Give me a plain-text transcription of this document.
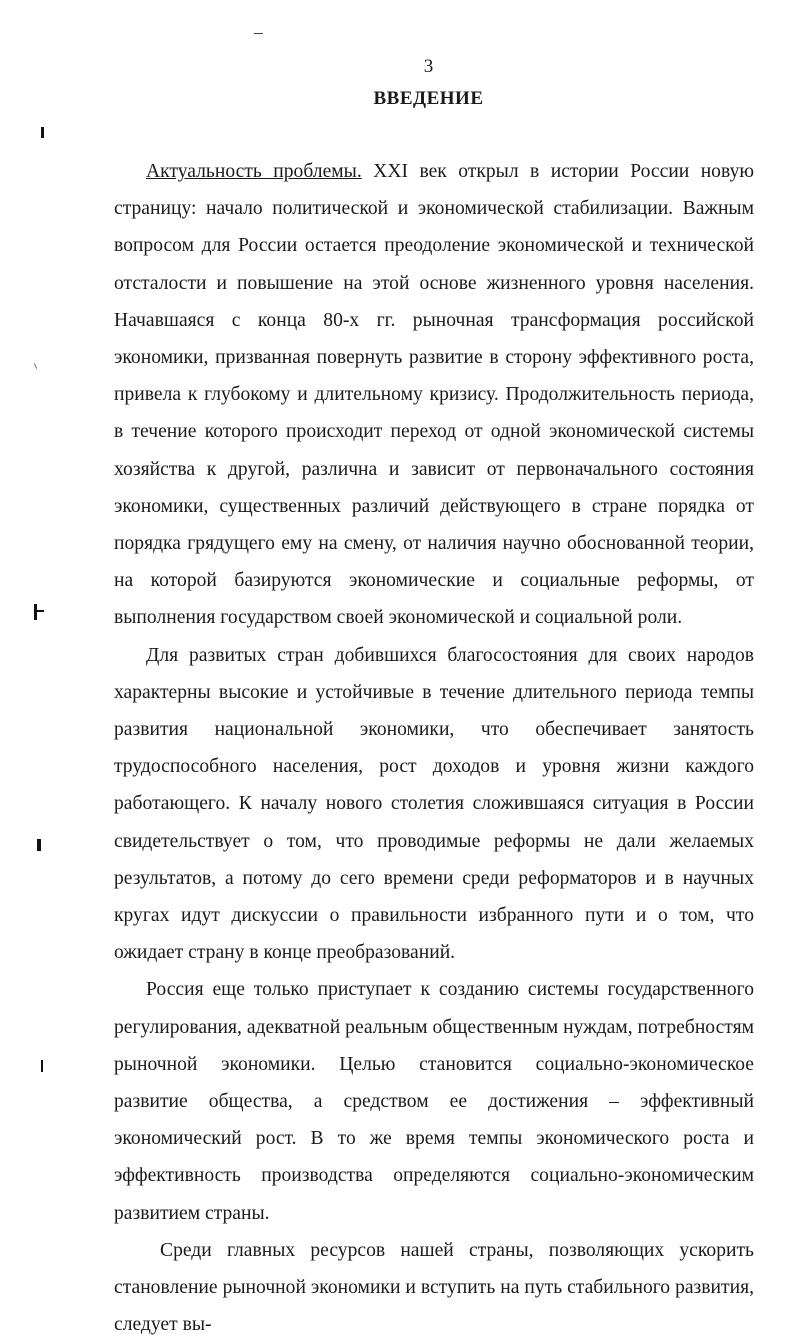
3
ВВЕДЕНИЕ

Актуальность проблемы. XXI век открыл в истории России новую страницу: начало политической и экономической стабилизации. Важным вопросом для России остается преодоление экономической и технической отсталости и повышение на этой основе жизненного уровня населения. Начавшаяся с конца 80-х гг. рыночная трансформация российской экономики, призванная повернуть развитие в сторону эффективного роста, привела к глубокому и длительному кризису. Продолжительность периода, в течение которого происходит переход от одной экономической системы хозяйства к другой, различна и зависит от первоначального состояния экономики, существенных различий действующего в стране порядка от порядка грядущего ему на смену, от наличия научно обоснованной теории, на которой базируются экономические и социальные реформы, от выполнения государством своей экономической и социальной роли.

Для развитых стран добившихся благосостояния для своих народов характерны высокие и устойчивые в течение длительного периода темпы развития национальной экономики, что обеспечивает занятость трудоспособного населения, рост доходов и уровня жизни каждого работающего. К началу нового столетия сложившаяся ситуация в России свидетельствует о том, что проводимые реформы не дали желаемых результатов, а потому до сего времени среди реформаторов и в научных кругах идут дискуссии о правильности избранного пути и о том, что ожидает страну в конце преобразований.

Россия еще только приступает к созданию системы государственного регулирования, адекватной реальным общественным нуждам, потребностям рыночной экономики. Целью становится социально-экономическое развитие общества, а средством ее достижения – эффективный экономический рост. В то же время темпы экономического роста и эффективность производства определяются социально-экономическим развитием страны.

Среди главных ресурсов нашей страны, позволяющих ускорить становление рыночной экономики и вступить на путь стабильного развития, следует вы-
